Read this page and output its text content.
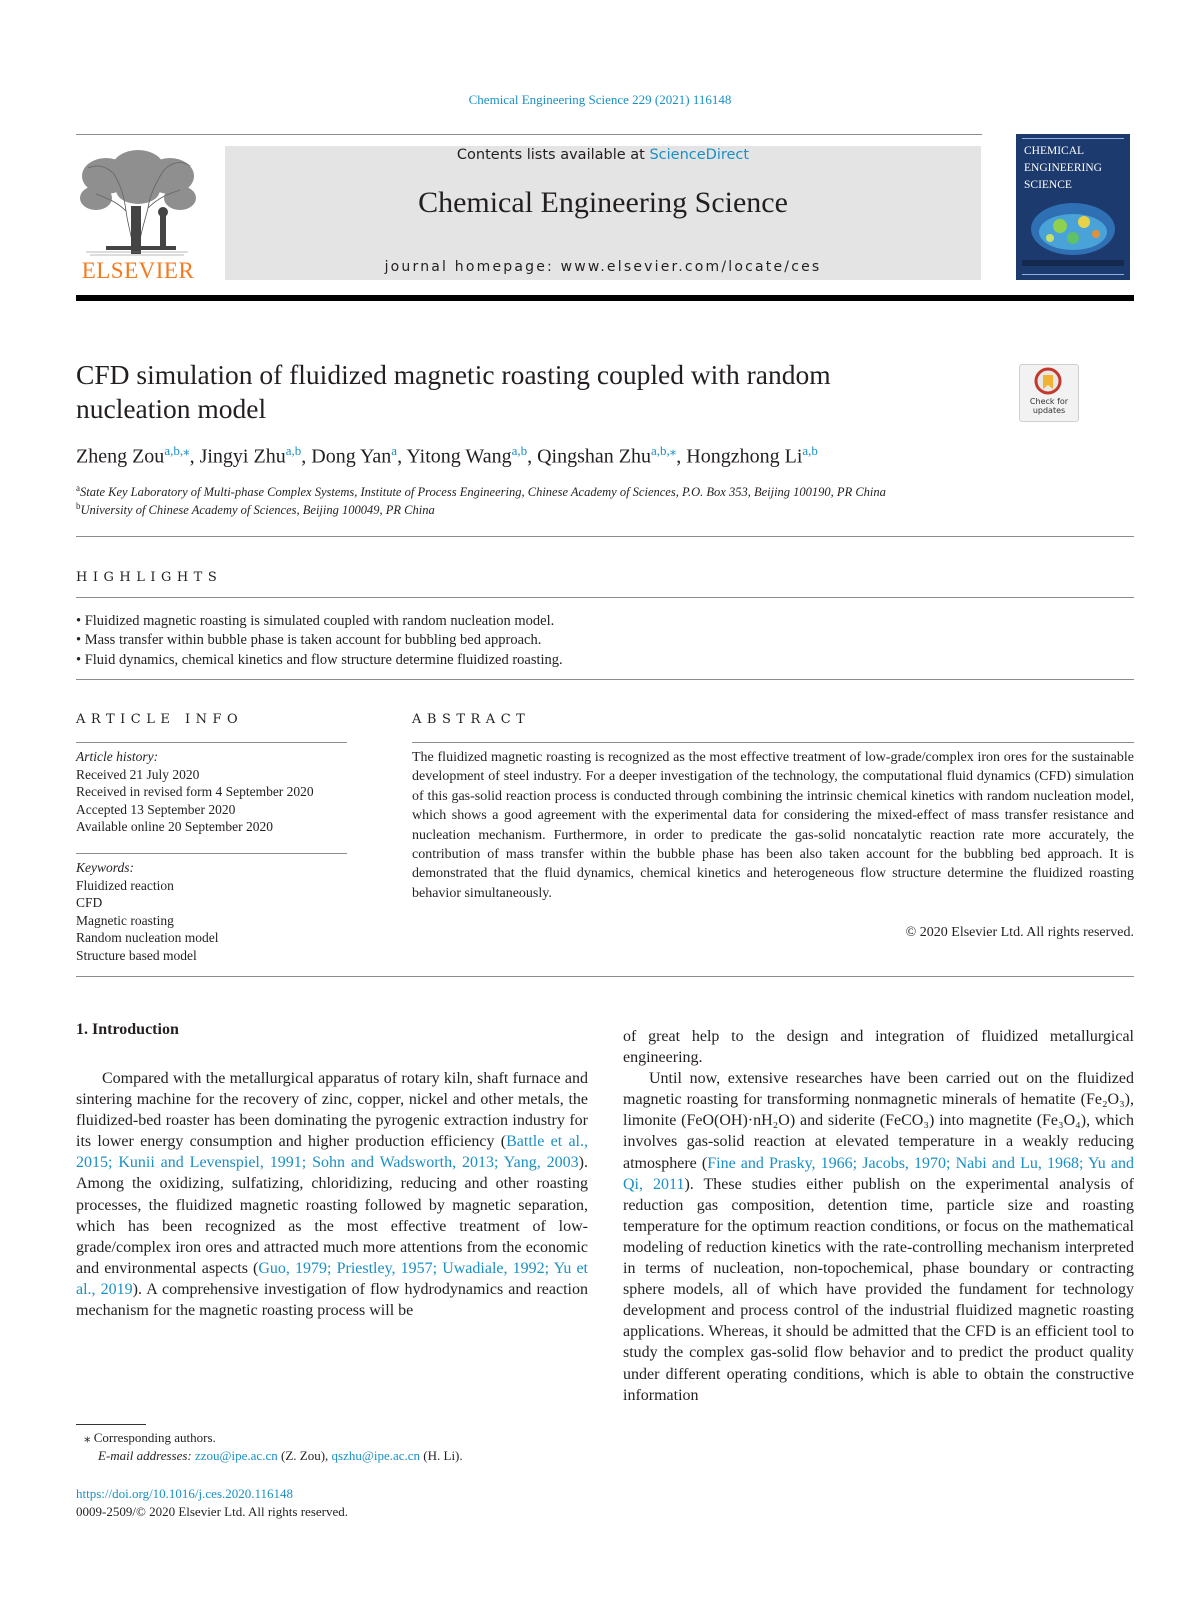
Chemical Engineering Science 229 (2021) 116148
ELSEVIER
Contents lists available at ScienceDirect
Chemical Engineering Science
journal homepage: www.elsevier.com/locate/ces
CHEMICAL
ENGINEERING
SCIENCE
CFD simulation of fluidized magnetic roasting coupled with random
nucleation model	Check for updates
Zheng Zou$^{a,b,⁎}$, Jingyi Zhu$^{a,b}$, Dong Yan$^a$, Yitong Wang$^{a,b}$, Qingshan Zhu$^{a,b,⁎}$, Hongzhong Li$^{a,b}$
$^a$State Key Laboratory of Multi-phase Complex Systems, Institute of Process Engineering, Chinese Academy of Sciences, P.O. Box 353, Beijing 100190, PR China
$^b$University of Chinese Academy of Sciences, Beijing 100049, PR China
HIGHLIGHTS
• Fluidized magnetic roasting is simulated coupled with random nucleation model.
• Mass transfer within bubble phase is taken account for bubbling bed approach.
• Fluid dynamics, chemical kinetics and flow structure determine fluidized roasting.
ARTICLE INFO
Article history:
Received 21 July 2020
Received in revised form 4 September 2020
Accepted 13 September 2020
Available online 20 September 2020
Keywords:
Fluidized reaction
CFD
Magnetic roasting
Random nucleation model
Structure based model
ABSTRACT
The fluidized magnetic roasting is recognized as the most effective treatment of low-grade/complex iron ores for the sustainable development of steel industry. For a deeper investigation of the technology, the computational fluid dynamics (CFD) simulation of this gas-solid reaction process is conducted through combining the intrinsic chemical kinetics with random nucleation model, which shows a good agreement with the experimental data for considering the mixed-effect of mass transfer resistance and nucleation mechanism. Furthermore, in order to predicate the gas-solid noncatalytic reaction rate more accurately, the contribution of mass transfer within the bubble phase has been also taken account for the bubbling bed approach. It is demonstrated that the fluid dynamics, chemical kinetics and heterogeneous flow structure determine the fluidized roasting behavior simultaneously.
© 2020 Elsevier Ltd. All rights reserved.
1. Introduction

Compared with the metallurgical apparatus of rotary kiln, shaft furnace and sintering machine for the recovery of zinc, copper, nickel and other metals, the fluidized-bed roaster has been dominating the pyrogenic extraction industry for its lower energy consumption and higher production efficiency (Battle et al., 2015; Kunii and Levenspiel, 1991; Sohn and Wadsworth, 2013; Yang, 2003). Among the oxidizing, sulfatizing, chloridizing, reducing and other roasting processes, the fluidized magnetic roasting followed by magnetic separation, which has been recognized as the most effective treatment of low-grade/complex iron ores and attracted much more attentions from the economic and environmental aspects (Guo, 1979; Priestley, 1957; Uwadiale, 1992; Yu et al., 2019). A comprehensive investigation of flow hydrodynamics and reaction mechanism for the magnetic roasting process will be

of great help to the design and integration of fluidized metallurgical engineering.

Until now, extensive researches have been carried out on the fluidized magnetic roasting for transforming nonmagnetic minerals of hematite (Fe₂O₃), limonite (FeO(OH)·nH₂O) and siderite (FeCO₃) into magnetite (Fe₃O₄), which involves gas-solid reaction at elevated temperature in a weakly reducing atmosphere (Fine and Prasky, 1966; Jacobs, 1970; Nabi and Lu, 1968; Yu and Qi, 2011). These studies either publish on the experimental analysis of reduction gas composition, detention time, particle size and roasting temperature for the optimum reaction conditions, or focus on the mathematical modeling of reduction kinetics with the rate-controlling mechanism interpreted in terms of nucleation, non-topochemical, phase boundary or contracting sphere models, all of which have provided the fundament for technology development and process control of the industrial fluidized magnetic roasting applications. Whereas, it should be admitted that the CFD is an efficient tool to study the complex gas-solid flow behavior and to predict the product quality under different operating conditions, which is able to obtain the constructive information

⁎ Corresponding authors.
E-mail addresses: zzou@ipe.ac.cn (Z. Zou), qszhu@ipe.ac.cn (H. Li).
https://doi.org/10.1016/j.ces.2020.116148
0009-2509/© 2020 Elsevier Ltd. All rights reserved.
